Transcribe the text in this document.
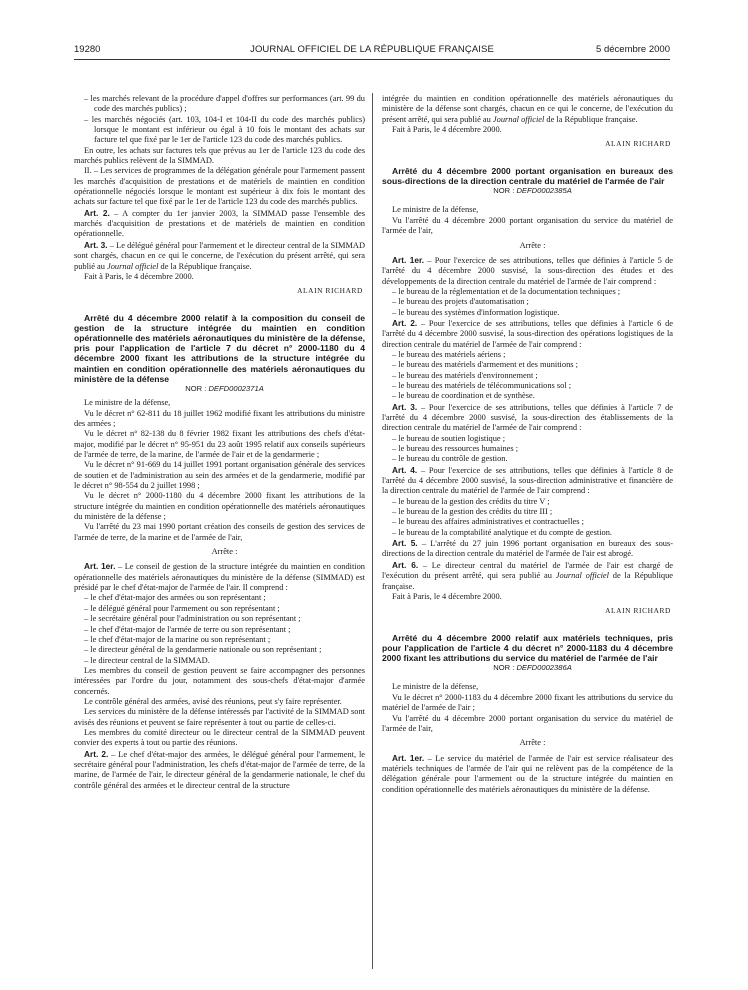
19280	JOURNAL OFFICIEL DE LA RÉPUBLIQUE FRANÇAISE	5 décembre 2000

– les marchés relevant de la procédure d'appel d'offres sur performances (art. 99 du code des marchés publics) ;

– les marchés négociés (art. 103, 104-I et 104-II du code des marchés publics) lorsque le montant est inférieur ou égal à 10 fois le montant des achats sur facture tel que fixé par le 1er de l'article 123 du code des marchés publics.

En outre, les achats sur factures tels que prévus au 1er de l'article 123 du code des marchés publics relèvent de la SIMMAD.

II. – Les services de programmes de la délégation générale pour l'armement passent les marchés d'acquisition de prestations et de matériels de maintien en condition opérationnelle négociés lorsque le montant est supérieur à dix fois le montant des achats sur facture tel que fixé par le 1er de l'article 123 du code des marchés publics.

Art. 2. – A compter du 1er janvier 2003, la SIMMAD passe l'ensemble des marchés d'acquisition de prestations et de matériels de maintien en condition opérationnelle.

Art. 3. – Le délégué général pour l'armement et le directeur central de la SIMMAD sont chargés, chacun en ce qui le concerne, de l'exécution du présent arrêté, qui sera publié au Journal officiel de la République française.

Fait à Paris, le 4 décembre 2000.

ALAIN RICHARD

Arrêté du 4 décembre 2000 relatif à la composition du conseil de gestion de la structure intégrée du maintien en condition opérationnelle des matériels aéronautiques du ministère de la défense, pris pour l'application de l'article 7 du décret n° 2000-1180 du 4 décembre 2000 fixant les attributions de la structure intégrée du maintien en condition opérationnelle des matériels aéronautiques du ministère de la défense

NOR : DEFD0002371A

Le ministre de la défense,

Vu le décret n° 62-811 du 18 juillet 1962 modifié fixant les attributions du ministre des armées ;

Vu le décret n° 82-138 du 8 février 1982 fixant les attributions des chefs d'état-major, modifié par le décret n° 95-951 du 23 août 1995 relatif aux conseils supérieurs de l'armée de terre, de la marine, de l'armée de l'air et de la gendarmerie ;

Vu le décret n° 91-669 du 14 juillet 1991 portant organisation générale des services de soutien et de l'administration au sein des armées et de la gendarmerie, modifié par le décret n° 98-554 du 2 juillet 1998 ;

Vu le décret n° 2000-1180 du 4 décembre 2000 fixant les attributions de la structure intégrée du maintien en condition opérationnelle des matériels aéronautiques du ministère de la défense ;

Vu l'arrêté du 23 mai 1990 portant création des conseils de gestion des services de l'armée de terre, de la marine et de l'armée de l'air,

Arrête :

Art. 1er. – Le conseil de gestion de la structure intégrée du maintien en condition opérationnelle des matériels aéronautiques du ministère de la défense (SIMMAD) est présidé par le chef d'état-major de l'armée de l'air. Il comprend :

– le chef d'état-major des armées ou son représentant ;

– le délégué général pour l'armement ou son représentant ;

– le secrétaire général pour l'administration ou son représentant ;

– le chef d'état-major de l'armée de terre ou son représentant ;

– le chef d'état-major de la marine ou son représentant ;

– le directeur général de la gendarmerie nationale ou son représentant ;

– le directeur central de la SIMMAD.

Les membres du conseil de gestion peuvent se faire accompagner des personnes intéressées par l'ordre du jour, notamment des sous-chefs d'état-major d'armée concernés.

Le contrôle général des armées, avisé des réunions, peut s'y faire représenter.

Les services du ministère de la défense intéressés par l'activité de la SIMMAD sont avisés des réunions et peuvent se faire représenter à tout ou partie de celles-ci.

Les membres du comité directeur ou le directeur central de la SIMMAD peuvent convier des experts à tout ou partie des réunions.

Art. 2. – Le chef d'état-major des armées, le délégué général pour l'armement, le secrétaire général pour l'administration, les chefs d'état-major de l'armée de terre, de la marine, de l'armée de l'air, le directeur général de la gendarmerie nationale, le chef du contrôle général des armées et le directeur central de la structure

intégrée du maintien en condition opérationnelle des matériels aéronautiques du ministère de la défense sont chargés, chacun en ce qui le concerne, de l'exécution du présent arrêté, qui sera publié au Journal officiel de la République française.

Fait à Paris, le 4 décembre 2000.

ALAIN RICHARD

Arrêté du 4 décembre 2000 portant organisation en bureaux des sous-directions de la direction centrale du matériel de l'armée de l'air

NOR : DEFD0002385A

Le ministre de la défense,

Vu l'arrêté du 4 décembre 2000 portant organisation du service du matériel de l'armée de l'air,

Arrête :

Art. 1er. – Pour l'exercice de ses attributions, telles que définies à l'article 5 de l'arrêté du 4 décembre 2000 susvisé, la sous-direction des études et des développements de la direction centrale du matériel de l'armée de l'air comprend :

– le bureau de la réglementation et de la documentation techniques ;

– le bureau des projets d'automatisation ;

– le bureau des systèmes d'information logistique.

Art. 2. – Pour l'exercice de ses attributions, telles que définies à l'article 6 de l'arrêté du 4 décembre 2000 susvisé, la sous-direction des opérations logistiques de la direction centrale du matériel de l'armée de l'air comprend :

– le bureau des matériels aériens ;

– le bureau des matériels d'armement et des munitions ;

– le bureau des matériels d'environnement ;

– le bureau des matériels de télécommunications sol ;

– le bureau de coordination et de synthèse.

Art. 3. – Pour l'exercice de ses attributions, telles que définies à l'article 7 de l'arrêté du 4 décembre 2000 susvisé, la sous-direction des établissements de la direction centrale du matériel de l'armée de l'air comprend :

– le bureau de soutien logistique ;

– le bureau des ressources humaines ;

– le bureau du contrôle de gestion.

Art. 4. – Pour l'exercice de ses attributions, telles que définies à l'article 8 de l'arrêté du 4 décembre 2000 susvisé, la sous-direction administrative et financière de la direction centrale du matériel de l'armée de l'air comprend :

– le bureau de la gestion des crédits du titre V ;

– le bureau de la gestion des crédits du titre III ;

– le bureau des affaires administratives et contractuelles ;

– le bureau de la comptabilité analytique et du compte de gestion.

Art. 5. – L'arrêté du 27 juin 1996 portant organisation en bureaux des sous-directions de la direction centrale du matériel de l'armée de l'air est abrogé.

Art. 6. – Le directeur central du matériel de l'armée de l'air est chargé de l'exécution du présent arrêté, qui sera publié au Journal officiel de la République française.

Fait à Paris, le 4 décembre 2000.

ALAIN RICHARD

Arrêté du 4 décembre 2000 relatif aux matériels techniques, pris pour l'application de l'article 4 du décret n° 2000-1183 du 4 décembre 2000 fixant les attributions du service du matériel de l'armée de l'air

NOR : DEFD0002386A

Le ministre de la défense,

Vu le décret n° 2000-1183 du 4 décembre 2000 fixant les attributions du service du matériel de l'armée de l'air ;

Vu l'arrêté du 4 décembre 2000 portant organisation du service du matériel de l'armée de l'air,

Arrête :

Art. 1er. – Le service du matériel de l'armée de l'air est service réalisateur des matériels techniques de l'armée de l'air qui ne relèvent pas de la compétence de la délégation générale pour l'armement ou de la structure intégrée du maintien en condition opérationnelle des matériels aéronautiques du ministère de la défense.
